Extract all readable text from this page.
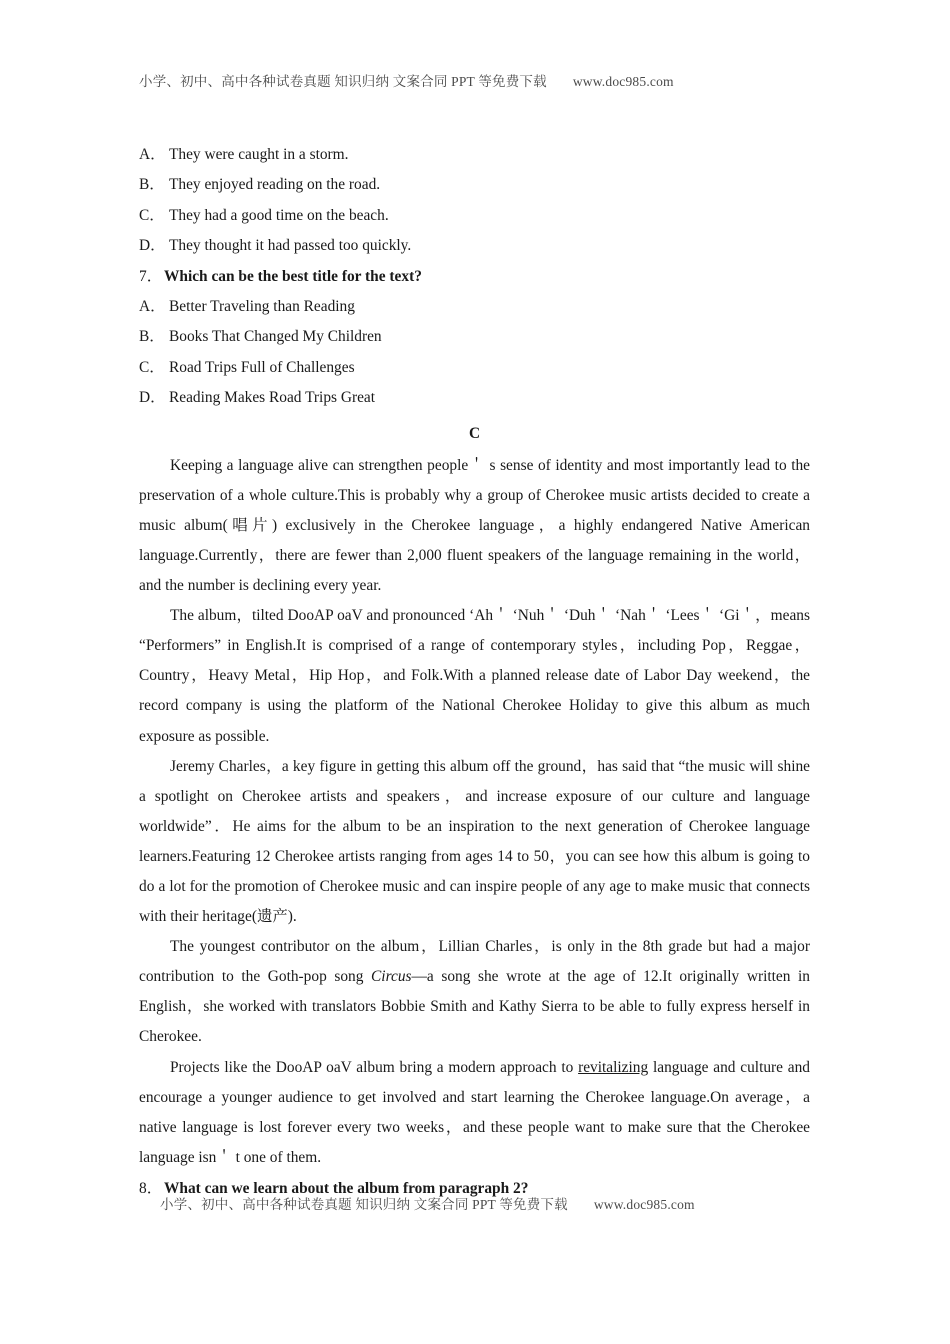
小学、初中、高中各种试卷真题 知识归纳 文案合同 PPT 等免费下载 www.doc985.com
A． They were caught in a storm.
B． They enjoyed reading on the road.
C． They had a good time on the beach.
D． They thought it had passed too quickly.
7． Which can be the best title for the text?
A． Better Traveling than Reading
B． Books That Changed My Children
C． Road Trips Full of Challenges
D． Reading Makes Road Trips Great
C

Keeping a language alive can strengthen people＇ s sense of identity and most importantly lead to the preservation of a whole culture.This is probably why a group of Cherokee music artists decided to create a music album(唱片) exclusively in the Cherokee language，a highly endangered Native American language.Currently，there are fewer than 2,000 fluent speakers of the language remaining in the world，and the number is declining every year.

The album，tilted DooAP oaV and pronounced ‘Ah＇ ‘Nuh＇ ‘Duh＇ ‘Nah＇ ‘Lees＇ ‘Gi＇，means “Performers” in English.It is comprised of a range of contemporary styles，including Pop，Reggae，Country，Heavy Metal，Hip Hop，and Folk.With a planned release date of Labor Day weekend，the record company is using the platform of the National Cherokee Holiday to give this album as much exposure as possible.

Jeremy Charles，a key figure in getting this album off the ground，has said that “the music will shine a spotlight on Cherokee artists and speakers，and increase exposure of our culture and language worldwide”．He aims for the album to be an inspiration to the next generation of Cherokee language learners.Featuring 12 Cherokee artists ranging from ages 14 to 50，you can see how this album is going to do a lot for the promotion of Cherokee music and can inspire people of any age to make music that connects with their heritage(遗产).

The youngest contributor on the album，Lillian Charles，is only in the 8th grade but had a major contribution to the Goth-pop song Circus—a song she wrote at the age of 12.It originally written in English，she worked with translators Bobbie Smith and Kathy Sierra to be able to fully express herself in Cherokee.

Projects like the DooAP oaV album bring a modern approach to revitalizing language and culture and encourage a younger audience to get involved and start learning the Cherokee language.On average，a native language is lost forever every two weeks，and these people want to make sure that the Cherokee language isn＇ t one of them.

8． What can we learn about the album from paragraph 2?
小学、初中、高中各种试卷真题 知识归纳 文案合同 PPT 等免费下载 www.doc985.com
